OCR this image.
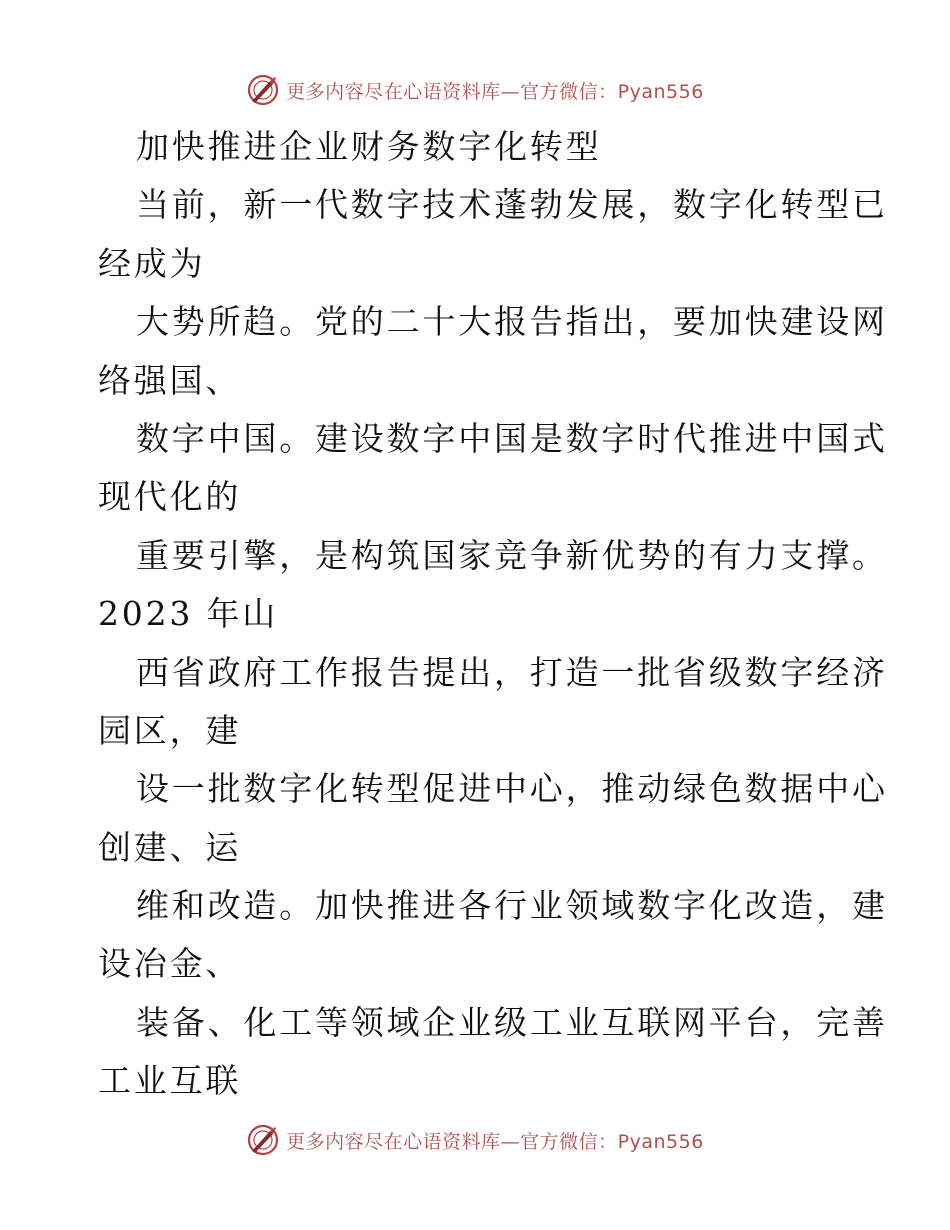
更多内容尽在心语资料库—官方微信：Pyan556
加快推进企业财务数字化转型
当前，新一代数字技术蓬勃发展，数字化转型已
经成为
大势所趋。党的二十大报告指出，要加快建设网
络强国、
数字中国。建设数字中国是数字时代推进中国式
现代化的
重要引擎，是构筑国家竞争新优势的有力支撑。
2023 年山
西省政府工作报告提出，打造一批省级数字经济
园区，建
设一批数字化转型促进中心，推动绿色数据中心
创建、运
维和改造。加快推进各行业领域数字化改造，建
设冶金、
装备、化工等领域企业级工业互联网平台，完善
工业互联
更多内容尽在心语资料库—官方微信：Pyan556
